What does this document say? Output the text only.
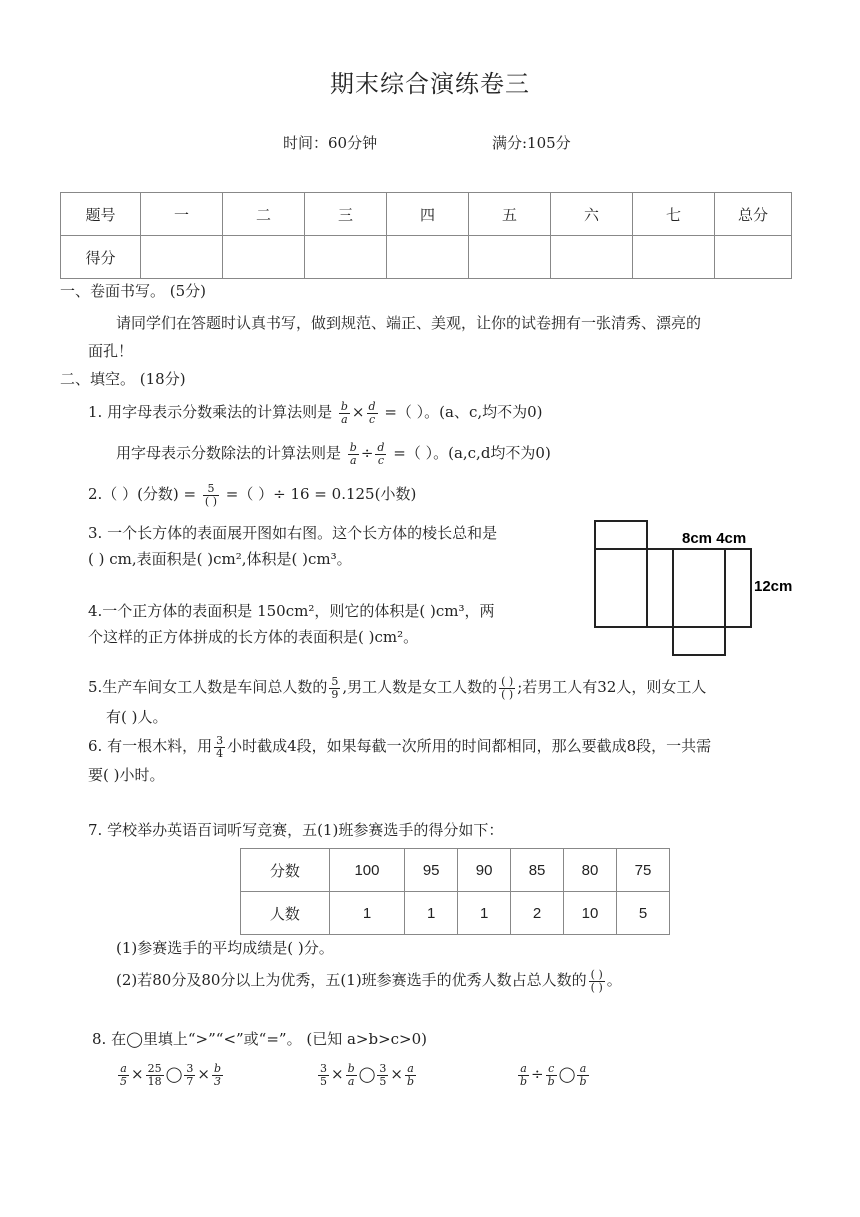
期末综合演练卷三
时间：60分钟	满分:105分
题号	一	二	三	四	五	六	七	总分
得分								
一、卷面书写。 (5分)
请同学们在答题时认真书写，做到规范、端正、美观，让你的试卷拥有一张清秀、漂亮的
面孔！
二、填空。 (18分)
1. 用字母表示分数乘法的计算法则是 $\frac{b}{a} \times \frac{d}{c}$ =（ ）。(a、c,均不为0)
用字母表示分数除法的计算法则是 $\frac{b}{a} \div \frac{d}{c}$ =（ ）。(a,c,d均不为0)
2.（ ）(分数) = $\frac{5}{( )}$ =（ ）÷ 16 = 0.125(小数)
3. 一个长方体的表面展开图如右图。这个长方体的棱长总和是
( ) cm,表面积是( )cm²,体积是( )cm³。
4.一个正方体的表面积是 150cm²，则它的体积是( )cm³，两
个这样的正方体拼成的长方体的表面积是( )cm²。
8cm 4cm
12cm
5.生产车间女工人数是车间总人数的 $\frac{5}{9}$ ,男工人数是女工人数的 $\frac{( )}{( )}$ ;若男工人有32人，则女工人
有( )人。
6. 有一根木料，用 $\frac{3}{4}$ 小时截成4段，如果每截一次所用的时间都相同，那么要截成8段，一共需
要( )小时。
7. 学校举办英语百词听写竞赛，五(1)班参赛选手的得分如下：
分数	100	95	90	85	80	75
人数	1	1	1	2	10	5
(1)参赛选手的平均成绩是( )分。
(2)若80分及80分以上为优秀，五(1)班参赛选手的优秀人数占总人数的 $\frac{( )}{( )}$ 。
8. 在◯里填上“>”“<”或“=”。 (已知 a>b>c>0)
$\frac{a}{5} \times \frac{25}{18}$ ◯ $\frac{3}{7} \times \frac{b}{3}$	$\frac{3}{5} \times \frac{b}{a}$ ◯ $\frac{3}{5} \times \frac{a}{b}$	$\frac{a}{b} \div \frac{c}{b}$ ◯ $\frac{a}{b}$
